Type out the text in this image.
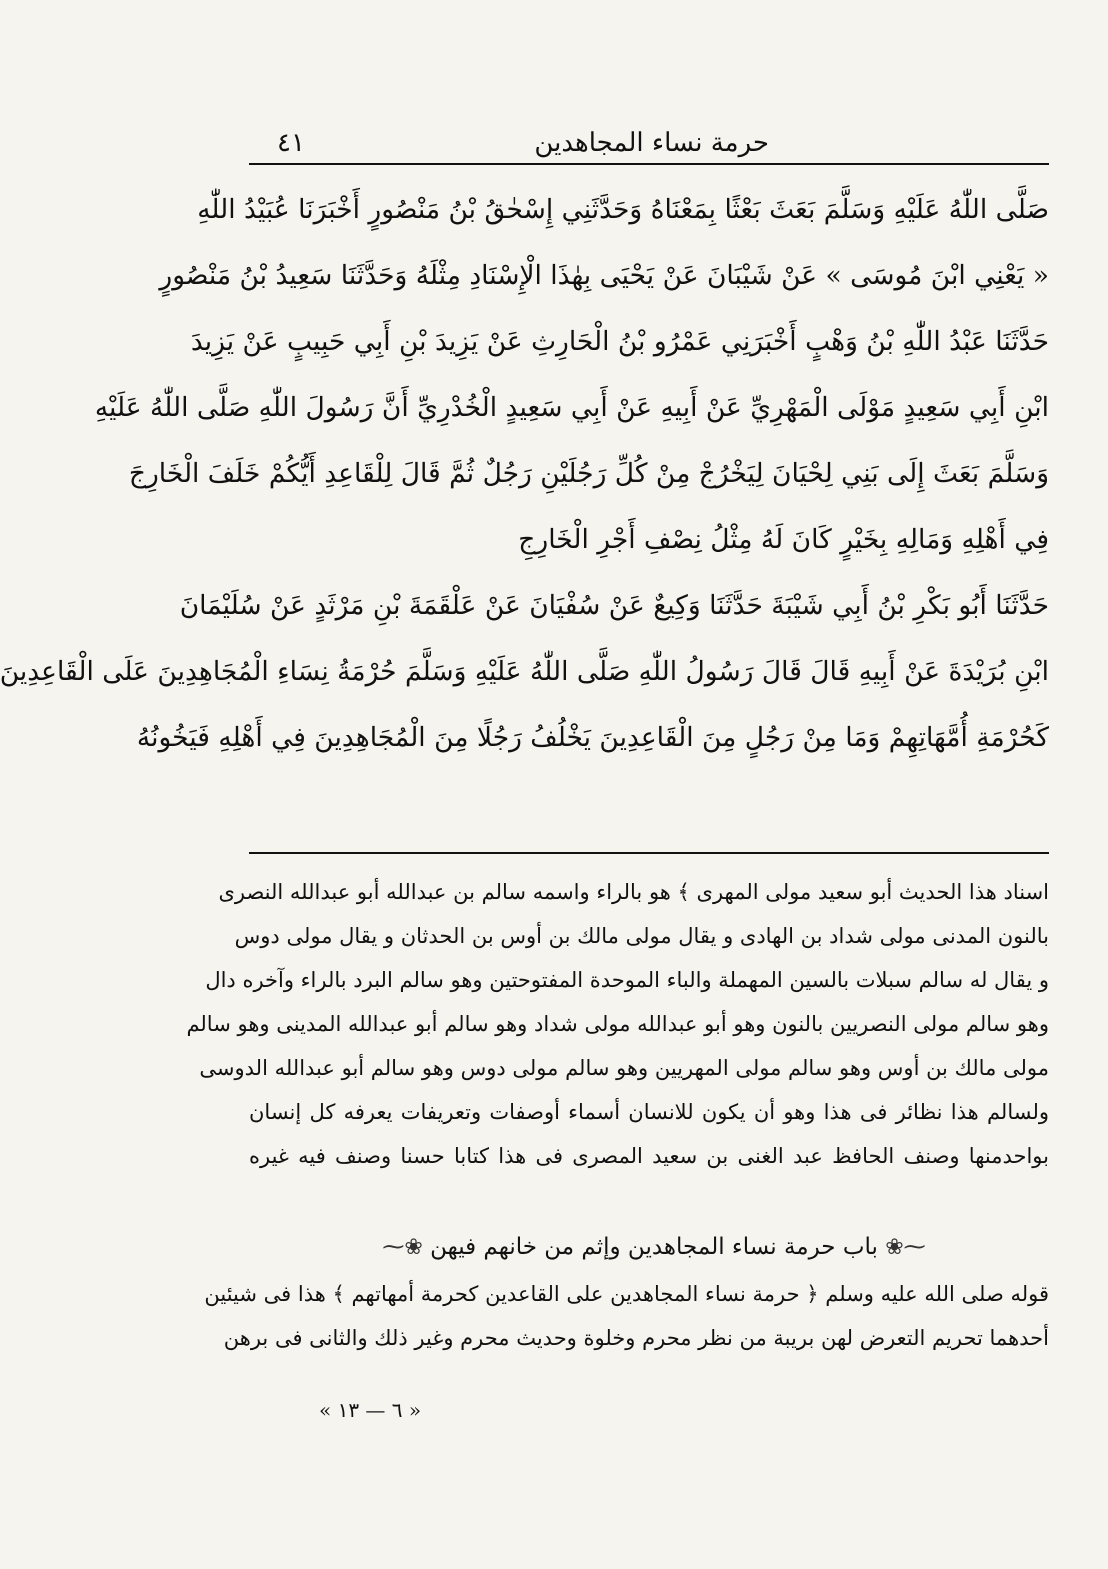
حرمة نساء المجاهدين
٤١
صَلَّى اللّٰهُ عَلَيْهِ وَسَلَّمَ بَعَثَ بَعْثًا بِمَعْنَاهُ وَحَدَّثَنِي إِسْحٰقُ بْنُ مَنْصُورٍ أَخْبَرَنَا عُبَيْدُ اللّٰهِ
« يَعْنِي ابْنَ مُوسَى » عَنْ شَيْبَانَ عَنْ يَحْيَى بِهٰذَا الْإِسْنَادِ مِثْلَهُ وَحَدَّثَنَا سَعِيدُ بْنُ مَنْصُورٍ
حَدَّثَنَا عَبْدُ اللّٰهِ بْنُ وَهْبٍ أَخْبَرَنِي عَمْرُو بْنُ الْحَارِثِ عَنْ يَزِيدَ بْنِ أَبِي حَبِيبٍ عَنْ يَزِيدَ
ابْنِ أَبِي سَعِيدٍ مَوْلَى الْمَهْرِيِّ عَنْ أَبِيهِ عَنْ أَبِي سَعِيدٍ الْخُدْرِيِّ أَنَّ رَسُولَ اللّٰهِ صَلَّى اللّٰهُ عَلَيْهِ
وَسَلَّمَ بَعَثَ إِلَى بَنِي لِحْيَانَ لِيَخْرُجْ مِنْ كُلِّ رَجُلَيْنِ رَجُلٌ ثُمَّ قَالَ لِلْقَاعِدِ أَيُّكُمْ خَلَفَ الْخَارِجَ
فِي أَهْلِهِ وَمَالِهِ بِخَيْرٍ كَانَ لَهُ مِثْلُ نِصْفِ أَجْرِ الْخَارِجِ
حَدَّثَنَا أَبُو بَكْرِ بْنُ أَبِي شَيْبَةَ حَدَّثَنَا وَكِيعٌ عَنْ سُفْيَانَ عَنْ عَلْقَمَةَ بْنِ مَرْثَدٍ عَنْ سُلَيْمَانَ
ابْنِ بُرَيْدَةَ عَنْ أَبِيهِ قَالَ قَالَ رَسُولُ اللّٰهِ صَلَّى اللّٰهُ عَلَيْهِ وَسَلَّمَ حُرْمَةُ نِسَاءِ الْمُجَاهِدِينَ عَلَى الْقَاعِدِينَ
كَحُرْمَةِ أُمَّهَاتِهِمْ وَمَا مِنْ رَجُلٍ مِنَ الْقَاعِدِينَ يَخْلُفُ رَجُلًا مِنَ الْمُجَاهِدِينَ فِي أَهْلِهِ فَيَخُونُهُ
اسناد هذا الحديث أبو سعيد مولى المهرى ﴾ هو بالراء واسمه سالم بن عبدالله أبو عبدالله النصرى
بالنون المدنى مولى شداد بن الهادى و يقال مولى مالك بن أوس بن الحدثان و يقال مولى دوس
و يقال له سالم سبلات بالسين المهملة والباء الموحدة المفتوحتين وهو سالم البرد بالراء وآخره دال
وهو سالم مولى النصريين بالنون وهو أبو عبدالله مولى شداد وهو سالم أبو عبدالله المدينى وهو سالم
مولى مالك بن أوس وهو سالم مولى المهريين وهو سالم مولى دوس وهو سالم أبو عبدالله الدوسى
ولسالم هذا نظائر فى هذا وهو أن يكون للانسان أسماء أوصفات وتعريفات يعرفه كل إنسان
بواحدمنها وصنف الحافظ عبد الغنى بن سعيد المصرى فى هذا كتابا حسنا وصنف فيه غيره
⁓❀ باب حرمة نساء المجاهدين وإثم من خانهم فيهن ❀⁓
قوله صلى الله عليه وسلم ﴿ حرمة نساء المجاهدين على القاعدين كحرمة أمهاتهم ﴾ هذا فى شيئين
أحدهما تحريم التعرض لهن بريبة من نظر محرم وخلوة وحديث محرم وغير ذلك والثانى فى برهن
« ٦ — ١٣ »
